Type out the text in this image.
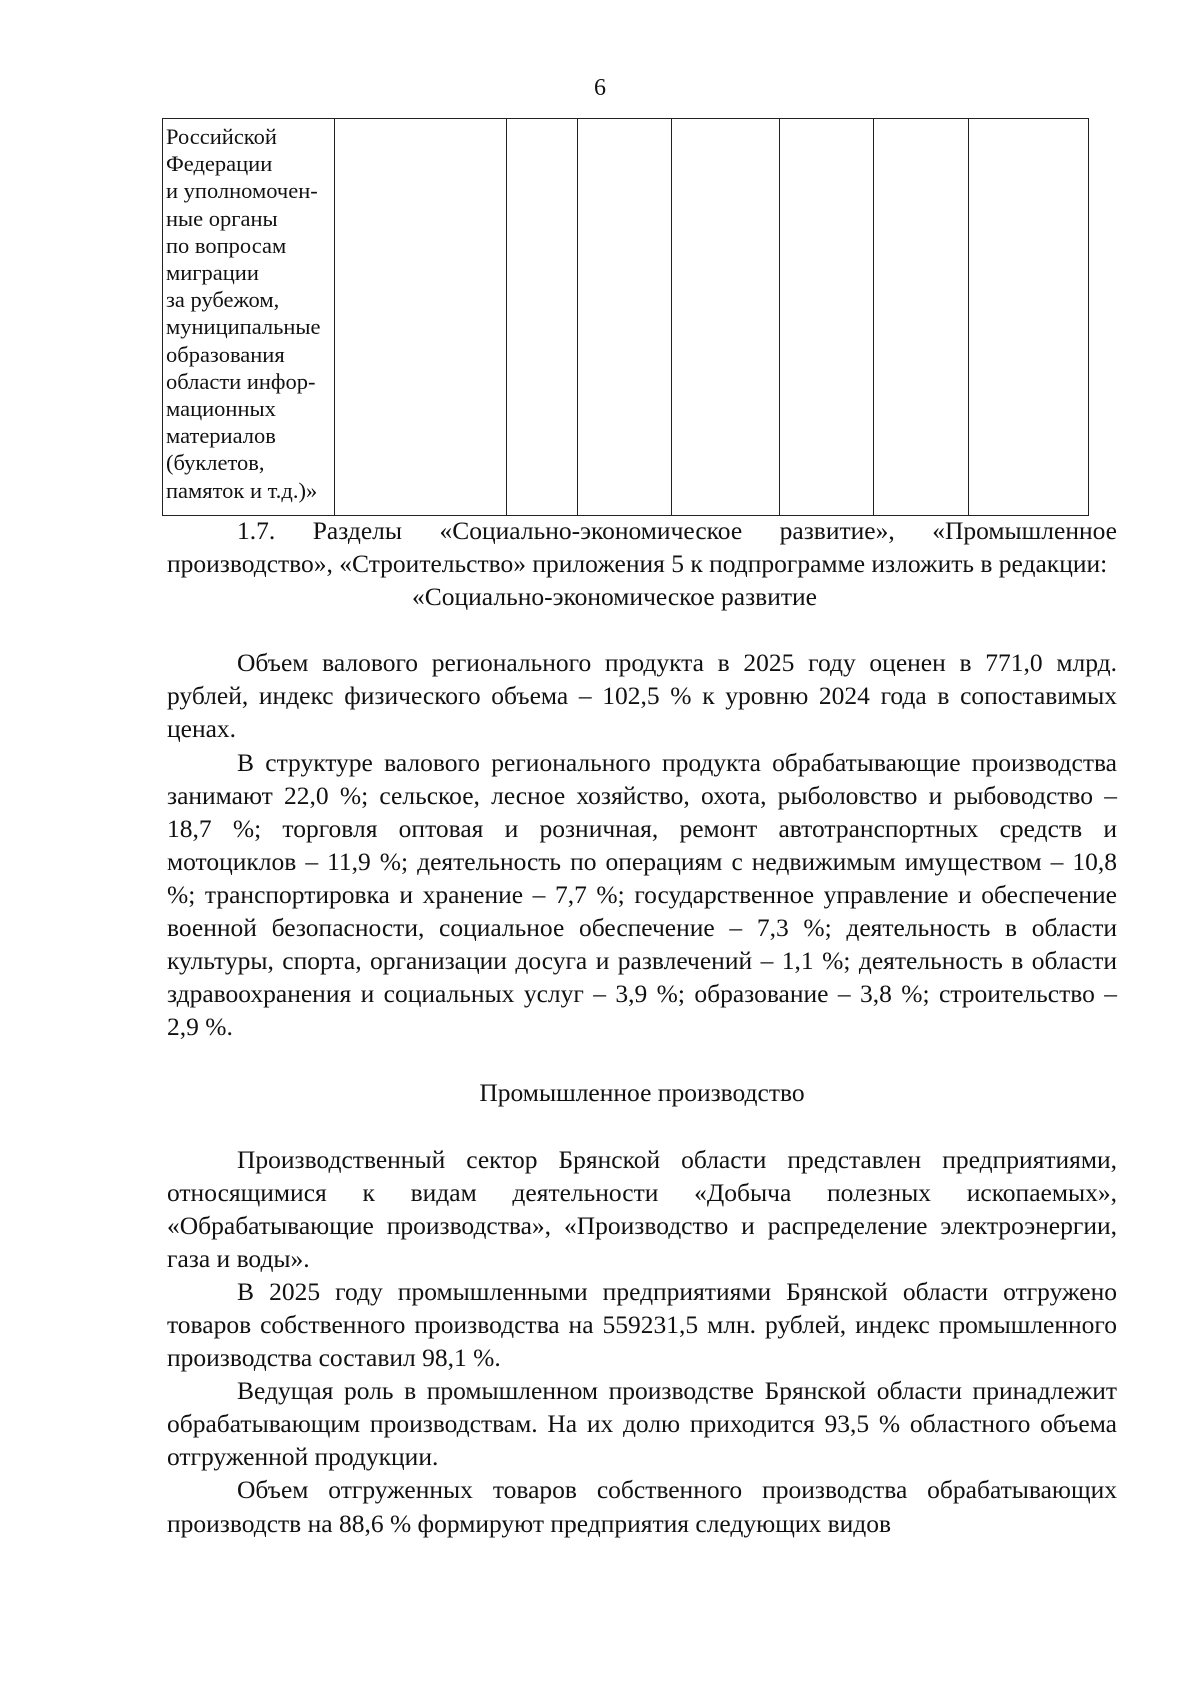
6
Российской
Федерации
и уполномочен-
ные органы
по вопросам
миграции
за рубежом,
муниципальные
образования
области инфор-
мационных
материалов
(буклетов,
памяток и т.д.)»

1.7. Разделы «Социально-экономическое развитие», «Промышленное производство», «Строительство» приложения 5 к подпрограмме изложить в редакции:

«Социально-экономическое развитие

Объем валового регионального продукта в 2025 году оценен в 771,0 млрд. рублей, индекс физического объема – 102,5 % к уровню 2024 года в сопоставимых ценах.

В структуре валового регионального продукта обрабатывающие производства занимают 22,0 %; сельское, лесное хозяйство, охота, рыболовство и рыбоводство – 18,7 %; торговля оптовая и розничная, ремонт автотранспортных средств и мотоциклов – 11,9 %; деятельность по операциям с недвижимым имуществом – 10,8 %; транспортировка и хранение – 7,7 %; государственное управление и обеспечение военной безопасности, социальное обеспечение – 7,3 %; деятельность в области культуры, спорта, организации досуга и развлечений – 1,1 %; деятельность в области здравоохранения и социальных услуг – 3,9 %; образование – 3,8 %; строительство – 2,9 %.

Промышленное производство

Производственный сектор Брянской области представлен предприятиями, относящимися к видам деятельности «Добыча полезных ископаемых», «Обрабатывающие производства», «Производство и распределение электроэнергии, газа и воды».

В 2025 году промышленными предприятиями Брянской области отгружено товаров собственного производства на 559231,5 млн. рублей, индекс промышленного производства составил 98,1 %.

Ведущая роль в промышленном производстве Брянской области принадлежит обрабатывающим производствам. На их долю приходится 93,5 % областного объема отгруженной продукции.

Объем отгруженных товаров собственного производства обрабатывающих производств на 88,6 % формируют предприятия следующих видов
